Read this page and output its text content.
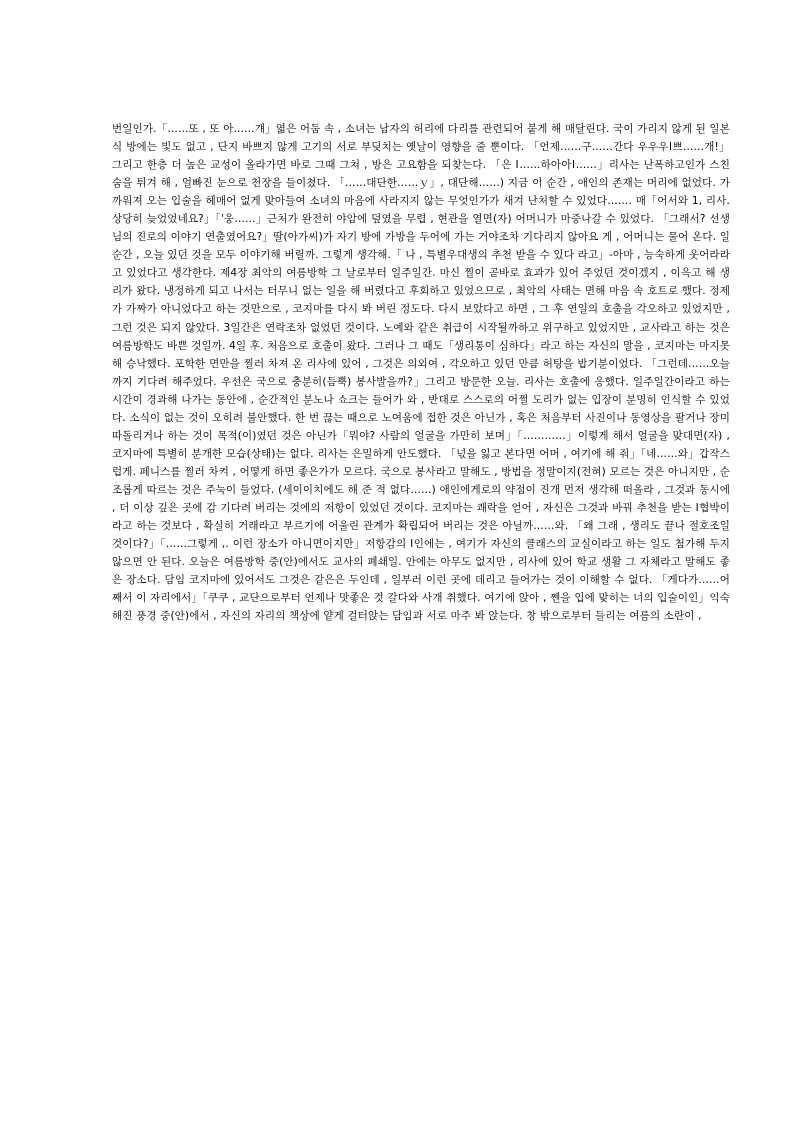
번일인가.「……또 , 또 아……걔」엷은 어둠 속 , 소녀는 남자의 허리에 다리를 관련되어 붙게 해 매달린다. 국이 가리지 않게 된 일본식 방에는 빛도 없고 , 단지 바쁘지 않게 고기의 서로 부딪치는 옛날이 영향을 줄 뿐이다. 「언제……구……간다 우우우Ⅰ쁘……개!」그리고 한층 더 높은 교성이 올라가면 바로 그때 그쳐 , 방은 고요함을 되찾는다. 「은 Ⅰ……하아아Ⅰ……」리사는 난폭하고인가 스친 숨을 튀겨 해 , 얼빠진 눈으로 천장을 들이쳤다. 「……대단한……ｙ」, 대단해……) 지금 이 순간 , 애인의 존재는 머리에 없었다. 가까워져 오는 입술을 헤매어 없게 맞아들여 소녀의 마음에 사라지지 않는 무엇인가가 새겨 난처할 수 있었다……. 매「어서와 1, 리사. 상당히 늦었었네요?」「'웅……」근처가 완전히 야암에 덮였을 무렵 , 현관을 열면(자) 어머니가 마중나갈 수 있었다. 「그래서? 선생님의 진로의 이야기 연출였어요?」딸(아가씨)가 자기 방에 가방을 두어에 가는 거야조차 기다리지 않아요 게 , 어머니는 물어 온다. 일순간 , 오늘 있던 것을 모두 이야기해 버릴까. 그렇게 생각해.「 나 , 특별우대생의 추천 받을 수 있다 라고」-아마 , 능숙하게 웃어라라고 있었다고 생각한다. 제4장 최악의 여름방학 그 날로부터 일주일간. 마신 찔이 곧바로 효과가 있어 주었던 것이겠지 , 이윽고 해 생리가 왔다. 냉정하게 되고 나서는 터무니 없는 일을 해 버렸다고 후회하고 있었으므로 , 최악의 사태는 면해 마음 속 호트로 했다. 정제가 가짜가 아니었다고 하는 것만으로 , 코지마를 다시 봐 버린 정도다. 다시 보았다고 하면 , 그 후 연일의 호출을 각오하고 있었지만 , 그런 것은 되지 않았다. 3일간은 연락조차 없었던 것이다. 노예와 같은 취급이 시작될까하고 위구하고 있었지만 , 교사라고 하는 것은 여름방학도 바쁜 것일까. 4일 후. 처음으로 호출이 왔다. 그러나 그 때도「생리통이 심하다」라고 하는 자신의 말을 , 코지마는 마지못해 승낙했다. 포학한 면만을 찔러 차져 온 리사에 있어 , 그것은 의외여 , 각오하고 있던 만큼 허탕을 밥기분이었다. 「그런데……오늘까지 기다려 해주었다. 우선은 국으로 충분히(듬뿍) 봉사발을까?」그리고 방문한 오늘. 리사는 호출에 응했다. 일주일간이라고 하는 시간이 경과해 나가는 동안에 , 순간적인 분노나 쇼크는 들어가 와 , 반대로 스스로의 어쩔 도리가 없는 입장이 분명히 인식할 수 있었다. 소식이 없는 것이 오히려 불안했다. 한 번 끊는 때으로 노여움에 접한 것은 아닌가 , 혹은 처음부터 사진이나 동영상을 팔거나 장미 따돌리거나 하는 것이 목적(이)였던 것은 아닌가「뭐야? 사람의 얼굴을 가만히 보며」「…………」이렇게 해서 얼굴을 맞대면(자) , 코지마에 특별히 분개한 모습(상태)는 없다. 리사는 은밀하게 안도했다. 「넋을 잃고 본다면 어머 , 여기에 해 줘」「네……와」갑작스럽게. 페니스를 찔러 차켜 , 어떻게 하면 좋은가가 모르다. 국으로 봉사라고 말해도 , 방법을 정말이지(전혀) 모르는 것은 아니지만 , 순조롭게 따르는 것은 주눅이 들었다. (세이이치에도 해 준 적 없다……) 애인에게로의 약점이 진개 먼저 생각해 떠올라 , 그것과 동시에 , 더 이상 깊은 곳에 감 기다려 버리는 것에의 저항이 있었던 것이다. 코지마는 쾌락을 얻어 , 자신은 그것과 바꿔 추천을 받는 Ⅰ협박이라고 하는 것보다 , 확실히 거래라고 부르기에 어울린 관계가 확립되어 버리는 것은 아닐까……와. 「왜 그래 , 생리도 끝나 절호조일 것이다?」「……그렇게 ,. 이런 장소가 아니면이지만」저항감의 Ⅰ인에는 , 여기가 자신의 클래스의 교실이라고 하는 일도 첨가해 두지 않으면 안 된다. 오늘은 여름방학 중(안)에서도 교사의 폐쇄일. 안에는 아무도 없지만 , 리사에 있어 학교 생활 그 자체라고 말해도 좋은 장소다. 담임 코지마에 있어서도 그것은 같은은 두인데 , 일부러 이런 곳에 데리고 들어가는 것이 이해할 수 없다. 「게다가……어째서 이 자리에서」「쿠쿠 , 교단으로부터 언제나 맛좋은 것 갈다와 사개 취했다. 여기에 앉아 , 쩬을 입에 맞히는 너의 입술이인」익숙해진 풍경 중(안)에서 , 자신의 자리의 책상에 얕게 걸터앉는 담임과 서로 마주 봐 앉는다. 창 밖으로부터 들리는 여름의 소란이 ,
